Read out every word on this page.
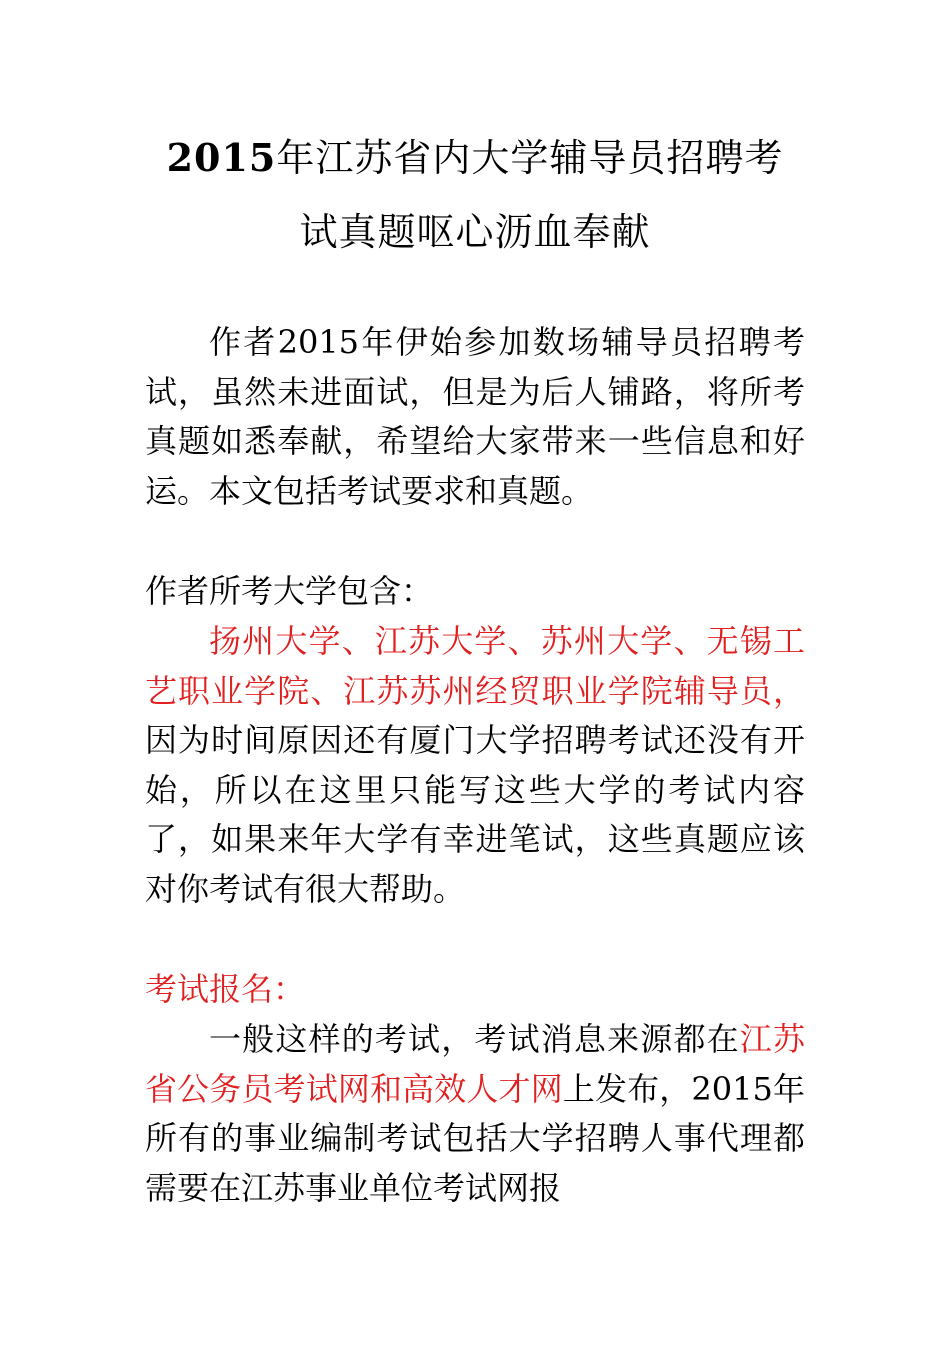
2015年江苏省内大学辅导员招聘考
试真题呕心沥血奉献
作者2015年伊始参加数场辅导员招聘考试，虽然未进面试，但是为后人铺路，将所考真题如悉奉献，希望给大家带来一些信息和好运。本文包括考试要求和真题。
作者所考大学包含：
扬州大学、江苏大学、苏州大学、无锡工艺职业学院、江苏苏州经贸职业学院辅导员，因为时间原因还有厦门大学招聘考试还没有开始，所以在这里只能写这些大学的考试内容了，如果来年大学有幸进笔试，这些真题应该对你考试有很大帮助。
考试报名：
一般这样的考试，考试消息来源都在江苏省公务员考试网和高效人才网上发布，2015年所有的事业编制考试包括大学招聘人事代理都需要在江苏事业单位考试网报
